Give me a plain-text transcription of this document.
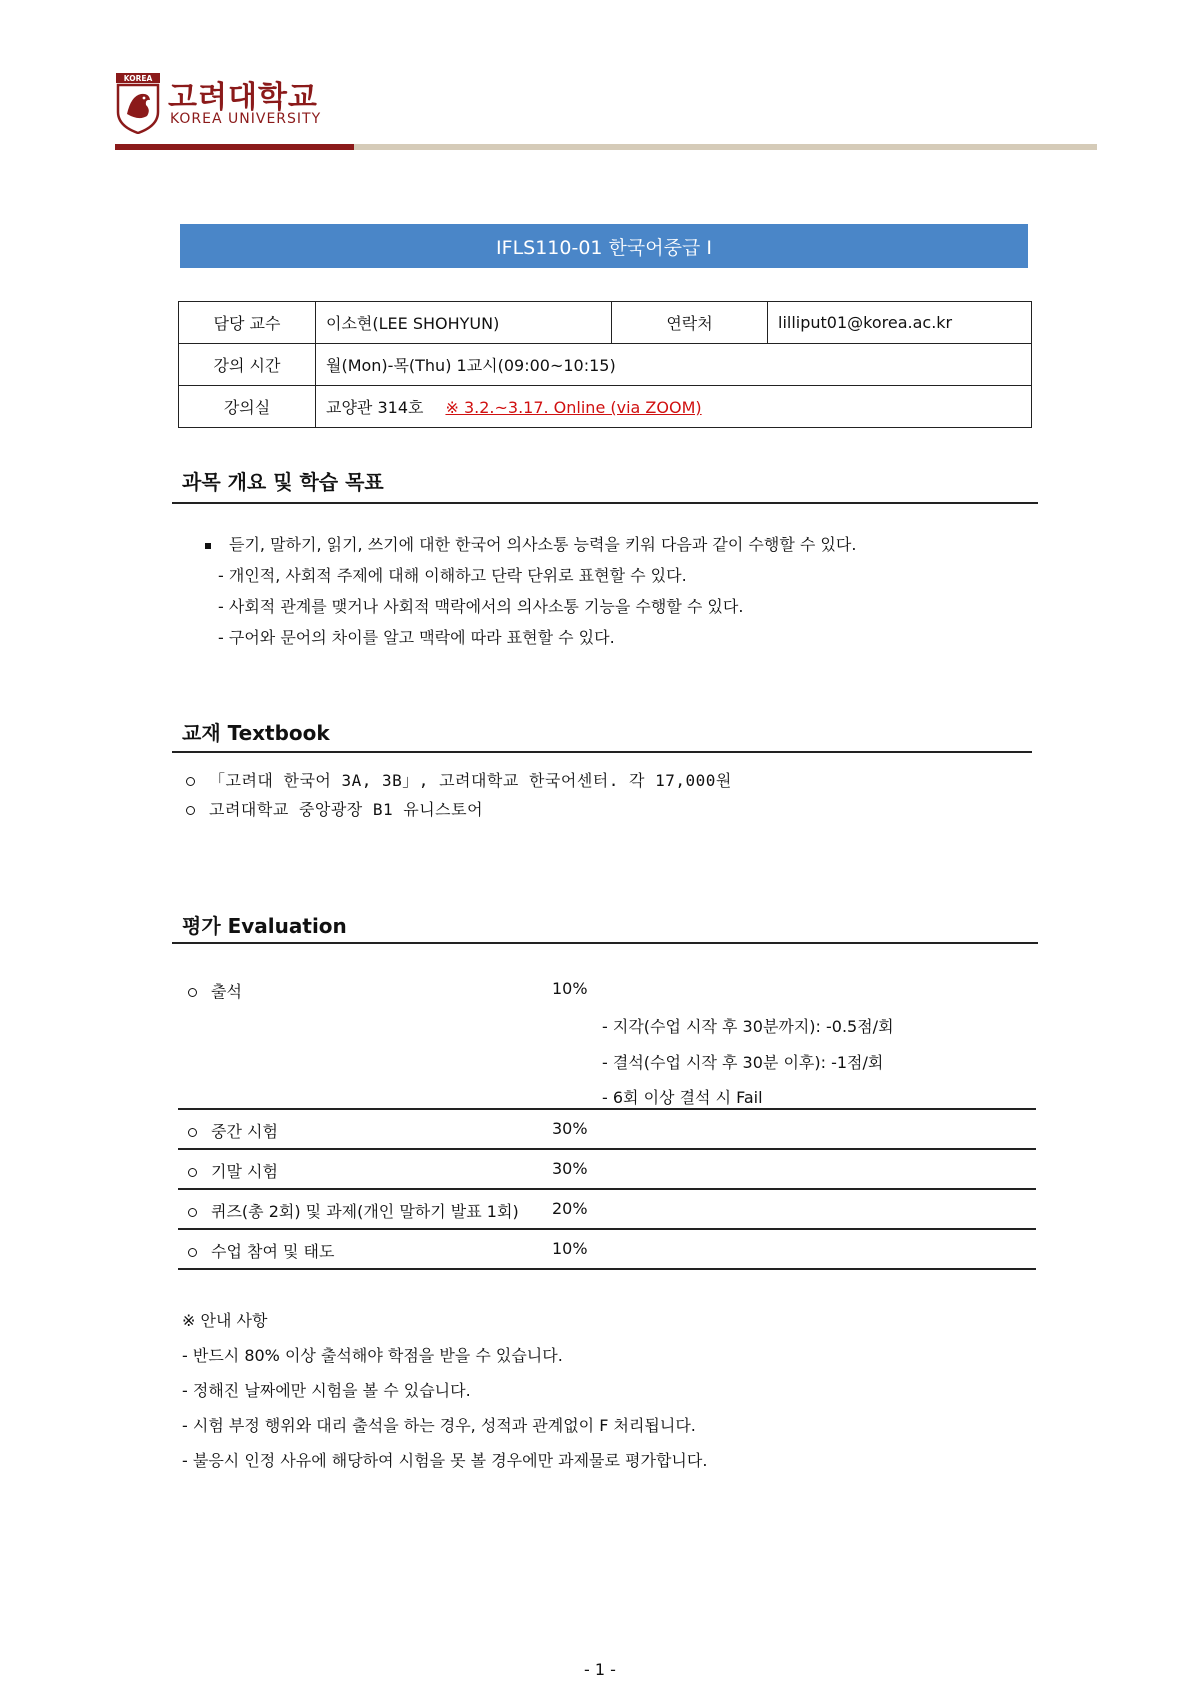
KOREA
고려대학교
KOREA UNIVERSITY
IFLS110-01 한국어중급 I
담당 교수	이소현(LEE SHOHYUN)	연락처	lilliput01@korea.ac.kr
강의 시간	월(Mon)-목(Thu) 1교시(09:00~10:15)		
강의실	교양관 314호 ※ 3.2.~3.17. Online (via ZOOM)		
과목 개요 및 학습 목표
듣기, 말하기, 읽기, 쓰기에 대한 한국어 의사소통 능력을 키워 다음과 같이 수행할 수 있다.
- 개인적, 사회적 주제에 대해 이해하고 단락 단위로 표현할 수 있다.
- 사회적 관계를 맺거나 사회적 맥락에서의 의사소통 기능을 수행할 수 있다.
- 구어와 문어의 차이를 알고 맥락에 따라 표현할 수 있다.
교재 Textbook
「고려대 한국어 3A, 3B」, 고려대학교 한국어센터. 각 17,000원
고려대학교 중앙광장 B1 유니스토어
평가 Evaluation
출석	10%
- 지각(수업 시작 후 30분까지): -0.5점/회
- 결석(수업 시작 후 30분 이후): -1점/회
- 6회 이상 결석 시 Fail
중간 시험	30%
기말 시험	30%
퀴즈(총 2회) 및 과제(개인 말하기 발표 1회) 20%
수업 참여 및 태도	10%
※ 안내 사항
- 반드시 80% 이상 출석해야 학점을 받을 수 있습니다.
- 정해진 날짜에만 시험을 볼 수 있습니다.
- 시험 부정 행위와 대리 출석을 하는 경우, 성적과 관계없이 F 처리됩니다.
- 불응시 인정 사유에 해당하여 시험을 못 볼 경우에만 과제물로 평가합니다.
- 1 -
